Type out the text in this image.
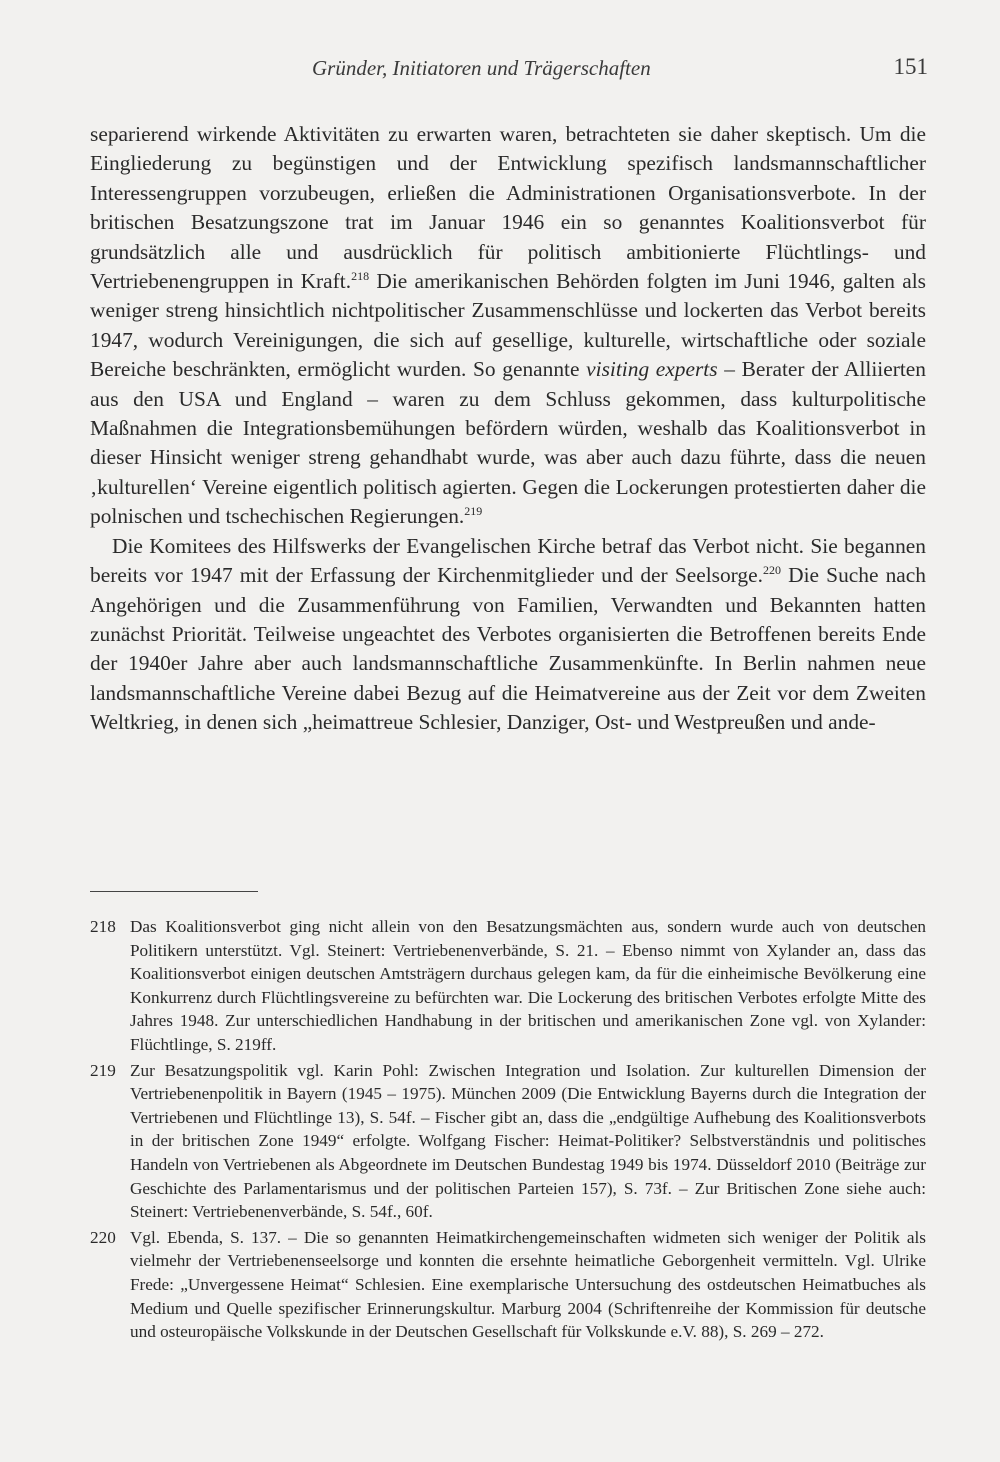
Gründer, Initiatoren und Trägerschaften	151

separierend wirkende Aktivitäten zu erwarten waren, betrachteten sie daher skeptisch. Um die Eingliederung zu begünstigen und der Entwicklung spezifisch landsmannschaftlicher Interessengruppen vorzubeugen, erließen die Administrationen Organisationsverbote. In der britischen Besatzungszone trat im Januar 1946 ein so genanntes Koalitionsverbot für grundsätzlich alle und ausdrücklich für politisch ambitionierte Flüchtlings- und Vertriebenengruppen in Kraft.$^{218}$ Die amerikanischen Behörden folgten im Juni 1946, galten als weniger streng hinsichtlich nichtpolitischer Zusammenschlüsse und lockerten das Verbot bereits 1947, wodurch Vereinigungen, die sich auf gesellige, kulturelle, wirtschaftliche oder soziale Bereiche beschränkten, ermöglicht wurden. So genannte visiting experts – Berater der Alliierten aus den USA und England – waren zu dem Schluss gekommen, dass kulturpolitische Maßnahmen die Integrationsbemühungen befördern würden, weshalb das Koalitionsverbot in dieser Hinsicht weniger streng gehandhabt wurde, was aber auch dazu führte, dass die neuen ‚kulturellen‘ Vereine eigentlich politisch agierten. Gegen die Lockerungen protestierten daher die polnischen und tschechischen Regierungen.$^{219}$

Die Komitees des Hilfswerks der Evangelischen Kirche betraf das Verbot nicht. Sie begannen bereits vor 1947 mit der Erfassung der Kirchenmitglieder und der Seelsorge.$^{220}$ Die Suche nach Angehörigen und die Zusammenführung von Familien, Verwandten und Bekannten hatten zunächst Priorität. Teilweise ungeachtet des Verbotes organisierten die Betroffenen bereits Ende der 1940er Jahre aber auch landsmannschaftliche Zusammenkünfte. In Berlin nahmen neue landsmannschaftliche Vereine dabei Bezug auf die Heimatvereine aus der Zeit vor dem Zweiten Weltkrieg, in denen sich „heimattreue Schlesier, Danziger, Ost- und Westpreußen und ande-

218 Das Koalitionsverbot ging nicht allein von den Besatzungsmächten aus, sondern wurde auch von deutschen Politikern unterstützt. Vgl. Steinert: Vertriebenenverbände, S. 21. – Ebenso nimmt von Xylander an, dass das Koalitionsverbot einigen deutschen Amtsträgern durchaus gelegen kam, da für die einheimische Bevölkerung eine Konkurrenz durch Flüchtlingsvereine zu befürchten war. Die Lockerung des britischen Verbotes erfolgte Mitte des Jahres 1948. Zur unterschiedlichen Handhabung in der britischen und amerikanischen Zone vgl. von Xylander: Flüchtlinge, S. 219ff.
219 Zur Besatzungspolitik vgl. Karin Pohl: Zwischen Integration und Isolation. Zur kulturellen Dimension der Vertriebenenpolitik in Bayern (1945 – 1975). München 2009 (Die Entwicklung Bayerns durch die Integration der Vertriebenen und Flüchtlinge 13), S. 54f. – Fischer gibt an, dass die „endgültige Aufhebung des Koalitionsverbots in der britischen Zone 1949“ erfolgte. Wolfgang Fischer: Heimat-Politiker? Selbstverständnis und politisches Handeln von Vertriebenen als Abgeordnete im Deutschen Bundestag 1949 bis 1974. Düsseldorf 2010 (Beiträge zur Geschichte des Parlamentarismus und der politischen Parteien 157), S. 73f. – Zur Britischen Zone siehe auch: Steinert: Vertriebenenverbände, S. 54f., 60f.
220 Vgl. Ebenda, S. 137. – Die so genannten Heimatkirchengemeinschaften widmeten sich weniger der Politik als vielmehr der Vertriebenenseelsorge und konnten die ersehnte heimatliche Geborgenheit vermitteln. Vgl. Ulrike Frede: „Unvergessene Heimat“ Schlesien. Eine exemplarische Untersuchung des ostdeutschen Heimatbuches als Medium und Quelle spezifischer Erinnerungskultur. Marburg 2004 (Schriftenreihe der Kommission für deutsche und osteuropäische Volkskunde in der Deutschen Gesellschaft für Volkskunde e.V. 88), S. 269 – 272.
